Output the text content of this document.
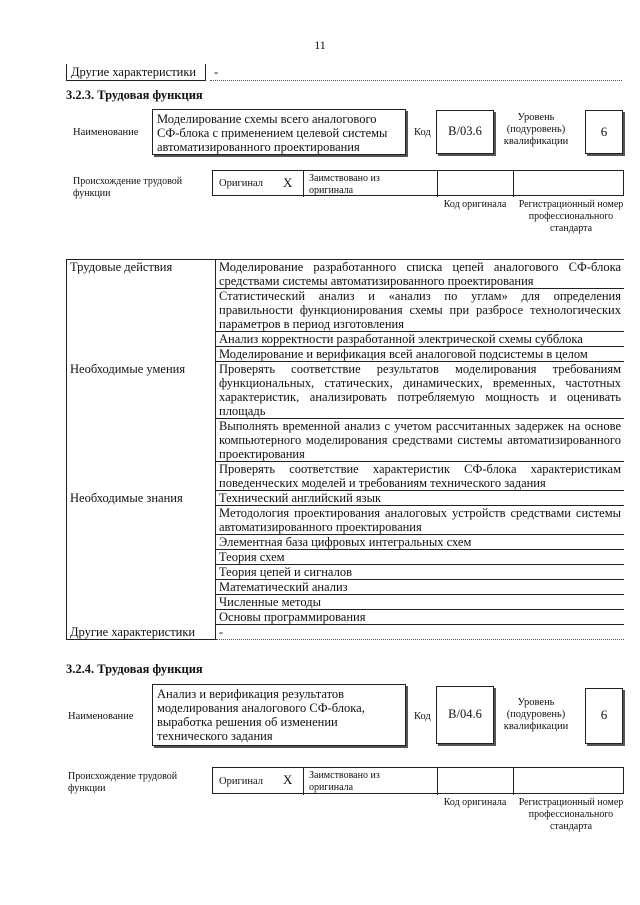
11
Другие характеристики	-
3.2.3. Трудовая функция
Наименование
Моделирование схемы всего аналогового СФ-блока с применением целевой системы автоматизированного проектирования
Код	B/03.6
Уровень (подуровень) квалификации
6
Происхождение трудовой функции
Оригинал X Заимствовано из оригинала
Код оригинала	Регистрационный номер профессионального стандарта
Трудовые действия	Моделирование разработанного списка цепей аналогового СФ-блока средствами системы автоматизированного проектирования
	Статистический анализ и «анализ по углам» для определения правильности функционирования схемы при разбросе технологических параметров в период изготовления
	Анализ корректности разработанной электрической схемы субблока
	Моделирование и верификация всей аналоговой подсистемы в целом
Необходимые умения	Проверять соответствие результатов моделирования требованиям функциональных, статических, динамических, временных, частотных характеристик, анализировать потребляемую мощность и оценивать площадь
	Выполнять временной анализ с учетом рассчитанных задержек на основе компьютерного моделирования средствами системы автоматизированного проектирования
	Проверять соответствие характеристик СФ-блока характеристикам поведенческих моделей и требованиям технического задания
Необходимые знания	Технический английский язык
	Методология проектирования аналоговых устройств средствами системы автоматизированного проектирования
	Элементная база цифровых интегральных схем
	Теория схем
	Теория цепей и сигналов
	Математический анализ
	Численные методы
	Основы программирования
Другие характеристики	-
3.2.4. Трудовая функция
Наименование
Анализ и верификация результатов моделирования аналогового СФ-блока, выработка решения об изменении технического задания
Код	B/04.6
Уровень (подуровень) квалификации
6
Происхождение трудовой функции
Оригинал X Заимствовано из оригинала
Код оригинала	Регистрационный номер профессионального стандарта
